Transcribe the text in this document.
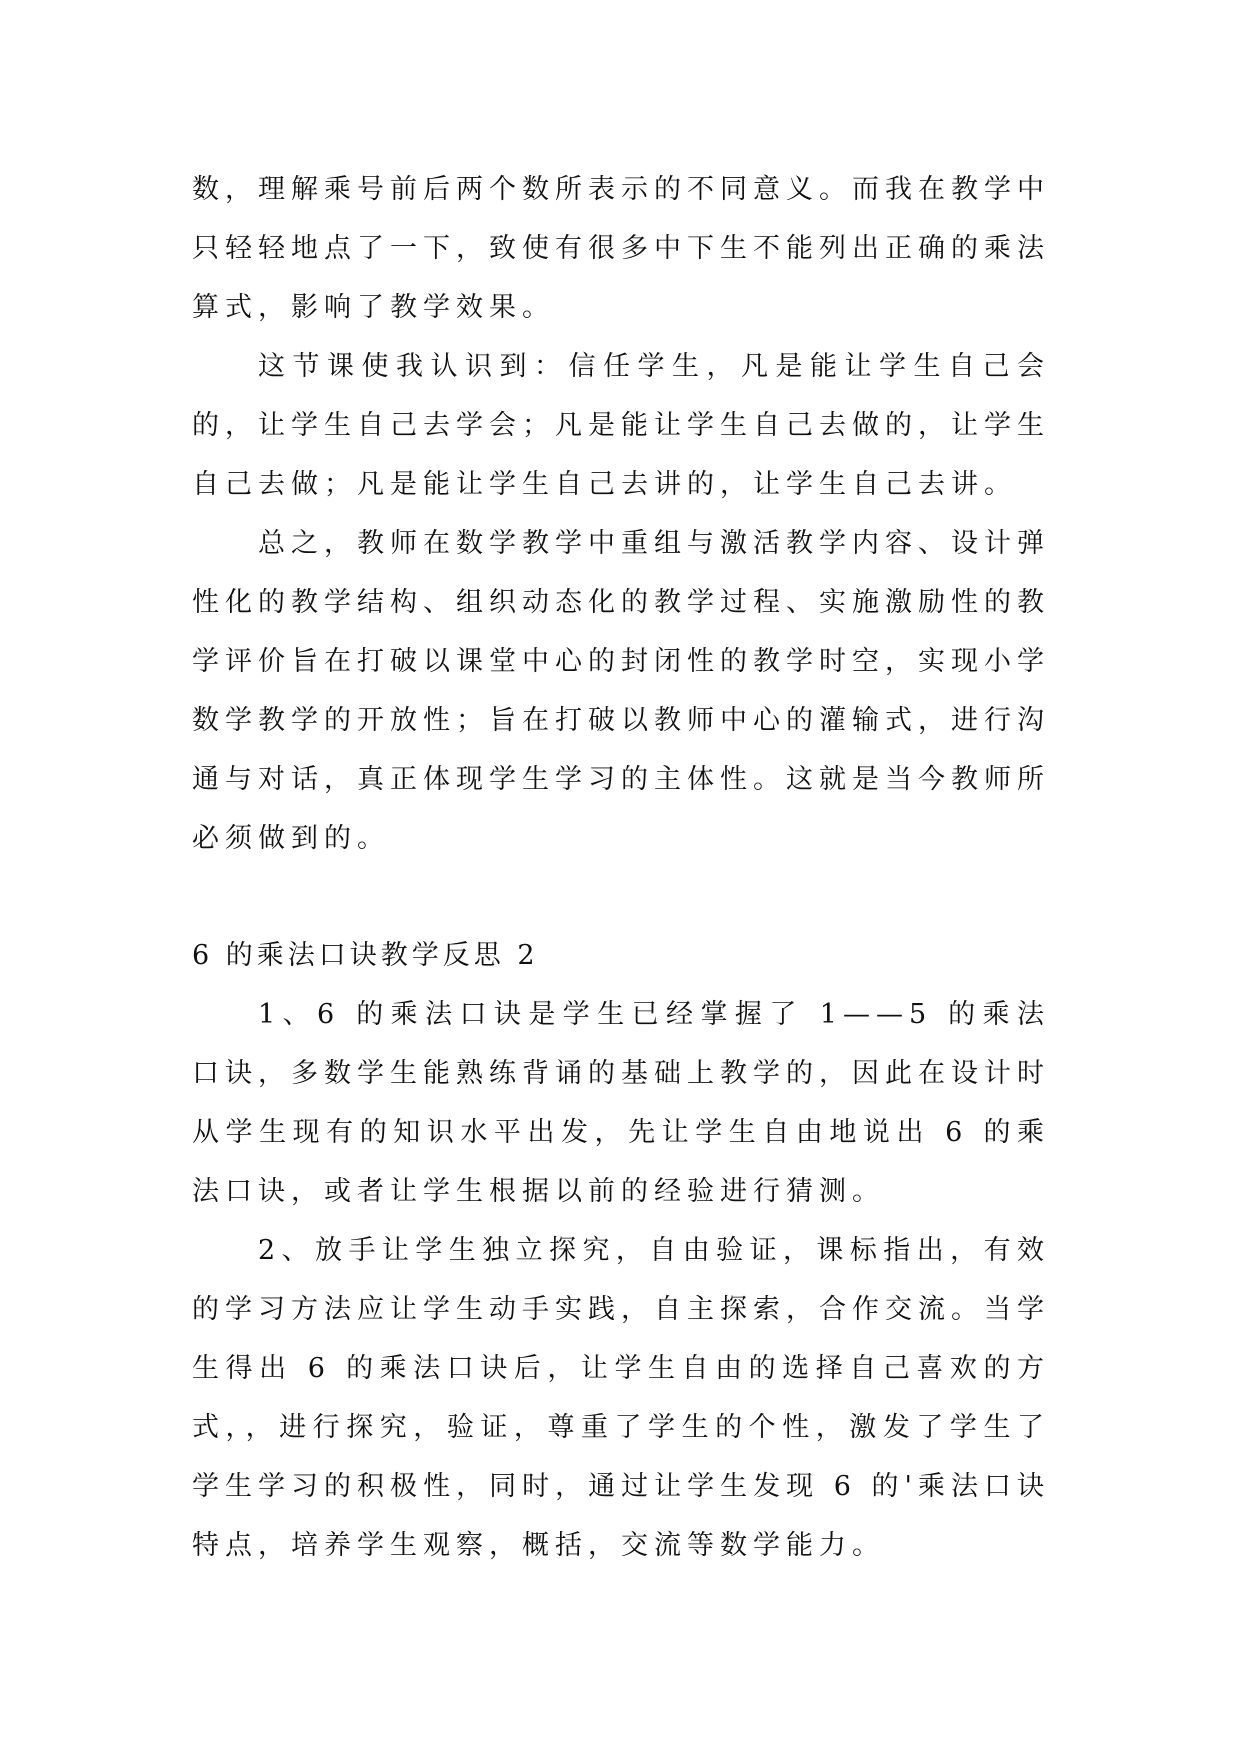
数，理解乘号前后两个数所表示的不同意义。而我在教学中只轻轻地点了一下，致使有很多中下生不能列出正确的乘法算式，影响了教学效果。

这节课使我认识到：信任学生，凡是能让学生自己会的，让学生自己去学会；凡是能让学生自己去做的，让学生自己去做；凡是能让学生自己去讲的，让学生自己去讲。

总之，教师在数学教学中重组与激活教学内容、设计弹性化的教学结构、组织动态化的教学过程、实施激励性的教学评价旨在打破以课堂中心的封闭性的教学时空，实现小学数学教学的开放性；旨在打破以教师中心的灌输式，进行沟通与对话，真正体现学生学习的主体性。这就是当今教师所必须做到的。

6 的乘法口诀教学反思 2

1、6 的乘法口诀是学生已经掌握了 1——5 的乘法口诀，多数学生能熟练背诵的基础上教学的，因此在设计时从学生现有的知识水平出发，先让学生自由地说出 6 的乘法口诀，或者让学生根据以前的经验进行猜测。

2、放手让学生独立探究，自由验证，课标指出，有效的学习方法应让学生动手实践，自主探索，合作交流。当学生得出 6 的乘法口诀后，让学生自由的选择自己喜欢的方式，，进行探究，验证，尊重了学生的个性，激发了学生了学生学习的积极性，同时，通过让学生发现 6 的'乘法口诀特点，培养学生观察，概括，交流等数学能力。
